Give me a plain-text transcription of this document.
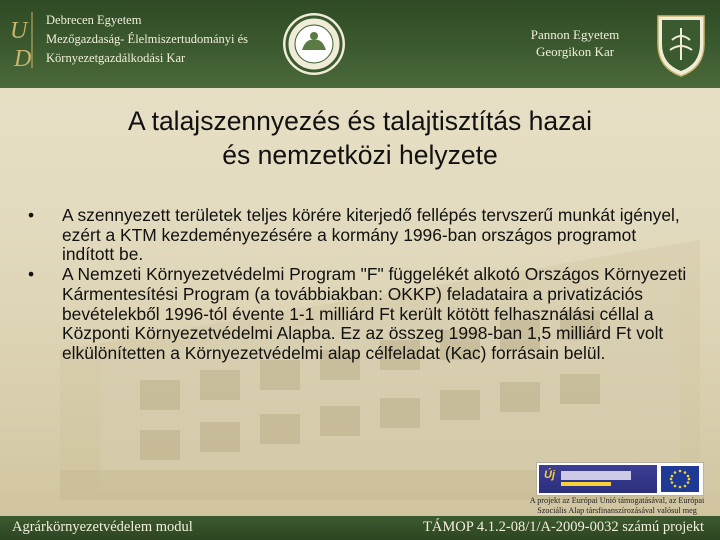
U
D
Debrecen Egyetem
Mezőgazdaság- Élelmiszertudományi és
Környezetgazdálkodási Kar
Pannon Egyetem
Georgikon Kar
A talajszennyezés és talajtisztítás hazai
és nemzetközi helyzete
• A szennyezett területek teljes körére kiterjedő fellépés tervszerű munkát igényel, ezért a KTM kezdeményezésére a kormány 1996-ban országos programot indított be.
• A Nemzeti Környezetvédelmi Program "F" függelékét alkotó Országos Környezeti Kármentesítési Program (a továbbiakban: OKKP) feladataira a privatizációs bevételekből 1996-tól évente 1-1 milliárd Ft került kötött felhasználási céllal a Központi Környezetvédelmi Alapba. Ez az összeg 1998-ban 1,5 milliárd Ft volt elkülönítetten a Környezetvédelmi alap célfeladat (Kac) forrásain belül.
Új
A projekt az Európai Unió támogatásával, az Európai
Szociális Alap társfinanszírozásával valósul meg
Agrárkörnyezetvédelem modul	TÁMOP 4.1.2-08/1/A-2009-0032 számú projekt
